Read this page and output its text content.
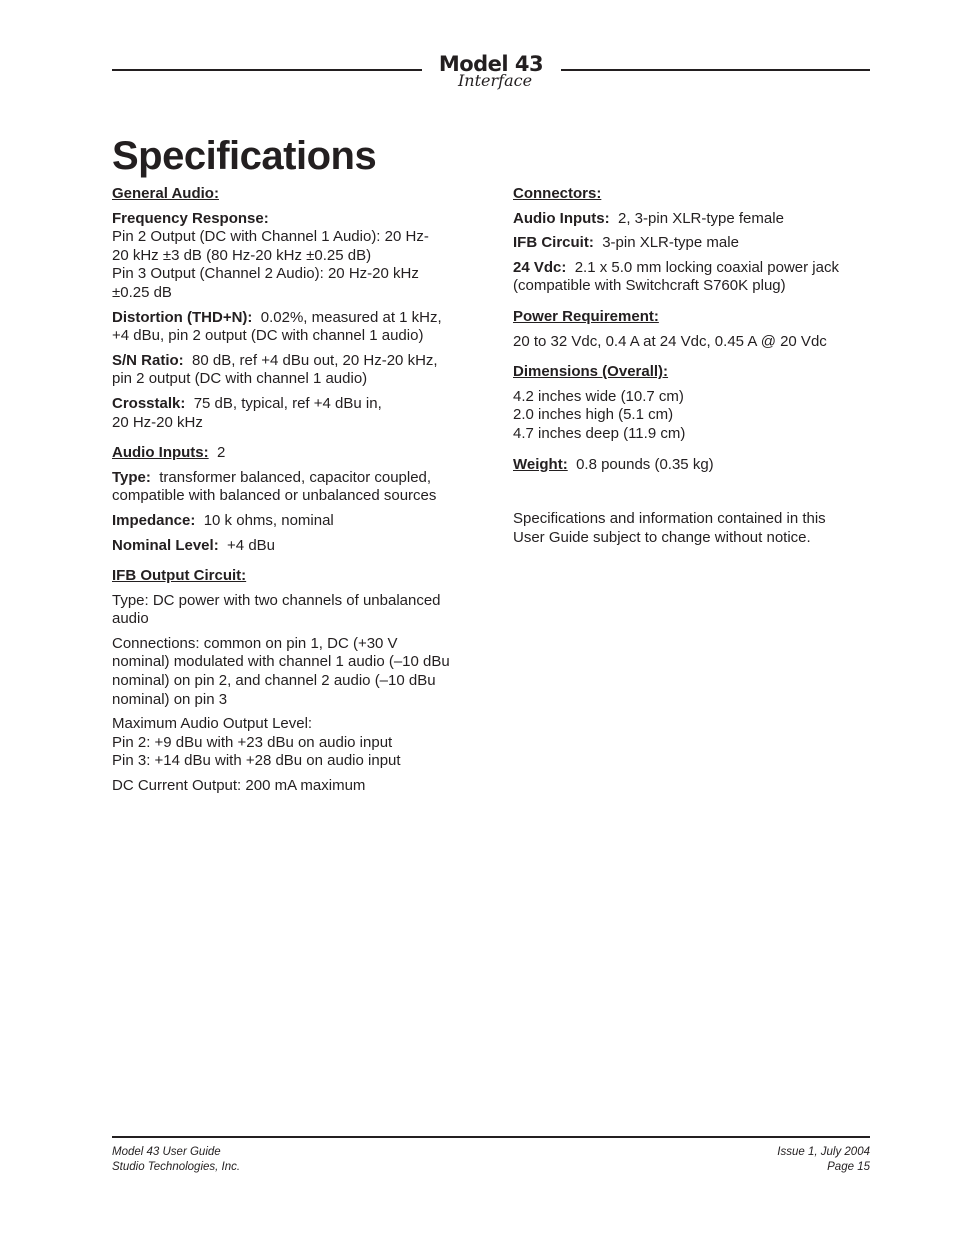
Model 43
Interface
Specifications
General Audio:
Frequency Response:
Pin 2 Output (DC with Channel 1 Audio): 20 Hz-
20 kHz ±3 dB (80 Hz-20 kHz ±0.25 dB)
Pin 3 Output (Channel 2 Audio): 20 Hz-20 kHz
±0.25 dB
Distortion (THD+N): 0.02%, measured at 1 kHz,
+4 dBu, pin 2 output (DC with channel 1 audio)
S/N Ratio: 80 dB, ref +4 dBu out, 20 Hz-20 kHz,
pin 2 output (DC with channel 1 audio)
Crosstalk: 75 dB, typical, ref +4 dBu in,
20 Hz-20 kHz
Audio Inputs: 2
Type: transformer balanced, capacitor coupled,
compatible with balanced or unbalanced sources
Impedance: 10 k ohms, nominal
Nominal Level: +4 dBu
IFB Output Circuit:
Type: DC power with two channels of unbalanced
audio
Connections: common on pin 1, DC (+30 V
nominal) modulated with channel 1 audio (–10 dBu
nominal) on pin 2, and channel 2 audio (–10 dBu
nominal) on pin 3
Maximum Audio Output Level:
Pin 2: +9 dBu with +23 dBu on audio input
Pin 3: +14 dBu with +28 dBu on audio input
DC Current Output: 200 mA maximum
Connectors:
Audio Inputs: 2, 3-pin XLR-type female
IFB Circuit: 3-pin XLR-type male
24 Vdc: 2.1 x 5.0 mm locking coaxial power jack
(compatible with Switchcraft S760K plug)
Power Requirement:
20 to 32 Vdc, 0.4 A at 24 Vdc, 0.45 A @ 20 Vdc
Dimensions (Overall):
4.2 inches wide (10.7 cm)
2.0 inches high (5.1 cm)
4.7 inches deep (11.9 cm)
Weight: 0.8 pounds (0.35 kg)
Specifications and information contained in this
User Guide subject to change without notice.
Model 43 User Guide
Studio Technologies, Inc.
Issue 1, July 2004
Page 15
